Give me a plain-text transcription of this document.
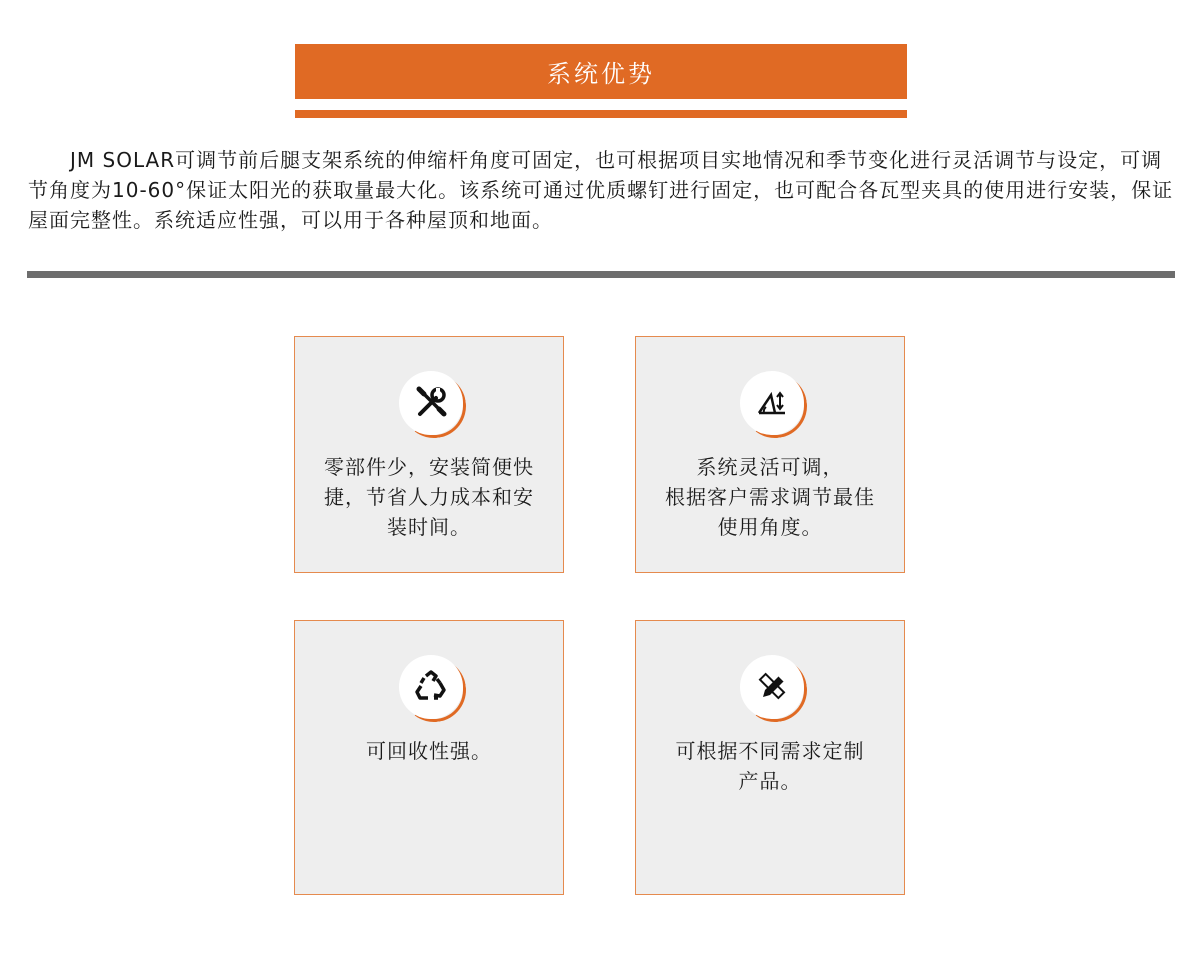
系统优势

JM SOLAR可调节前后腿支架系统的伸缩杆角度可固定，也可根据项目实地情况和季节变化进行灵活调节与设定，可调节角度为10-60°保证太阳光的获取量最大化。该系统可通过优质螺钉进行固定，也可配合各瓦型夹具的使用进行安装，保证屋面完整性。系统适应性强，可以用于各种屋顶和地面。

零部件少，安装简便快
捷，节省人力成本和安
装时间。

系统灵活可调，
根据客户需求调节最佳
使用角度。

可回收性强。	可根据不同需求定制
产品。
